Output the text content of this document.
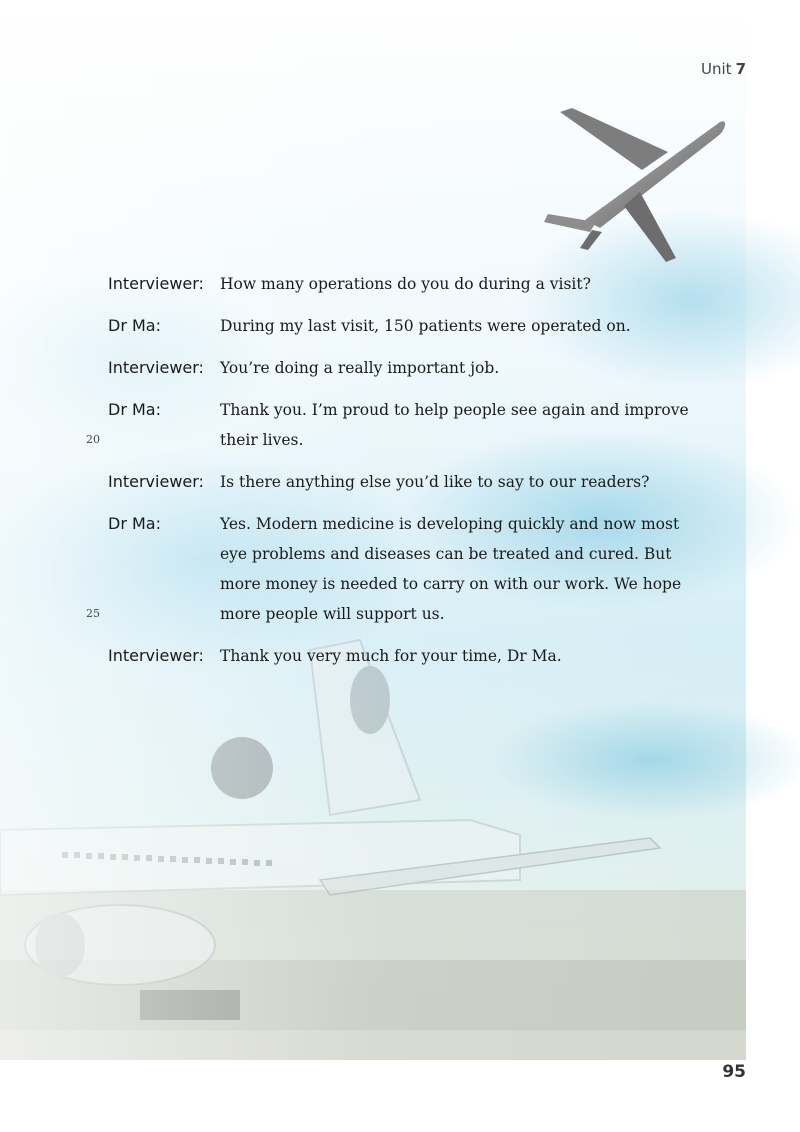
Unit 7
Interviewer: How many operations do you do during a visit?

Dr Ma:	During my last visit, 150 patients were operated on.

Interviewer: You’re doing a really important job.

Dr Ma:	Thank you. I’m proud to help people see again and improve their lives.

20
Interviewer: Is there anything else you’d like to say to our readers?

Dr Ma:	Yes. Modern medicine is developing quickly and now most eye problems and diseases can be treated and cured. But more money is needed to carry on with our work. We hope more people will support us.

25
Interviewer: Thank you very much for your time, Dr Ma.

95
